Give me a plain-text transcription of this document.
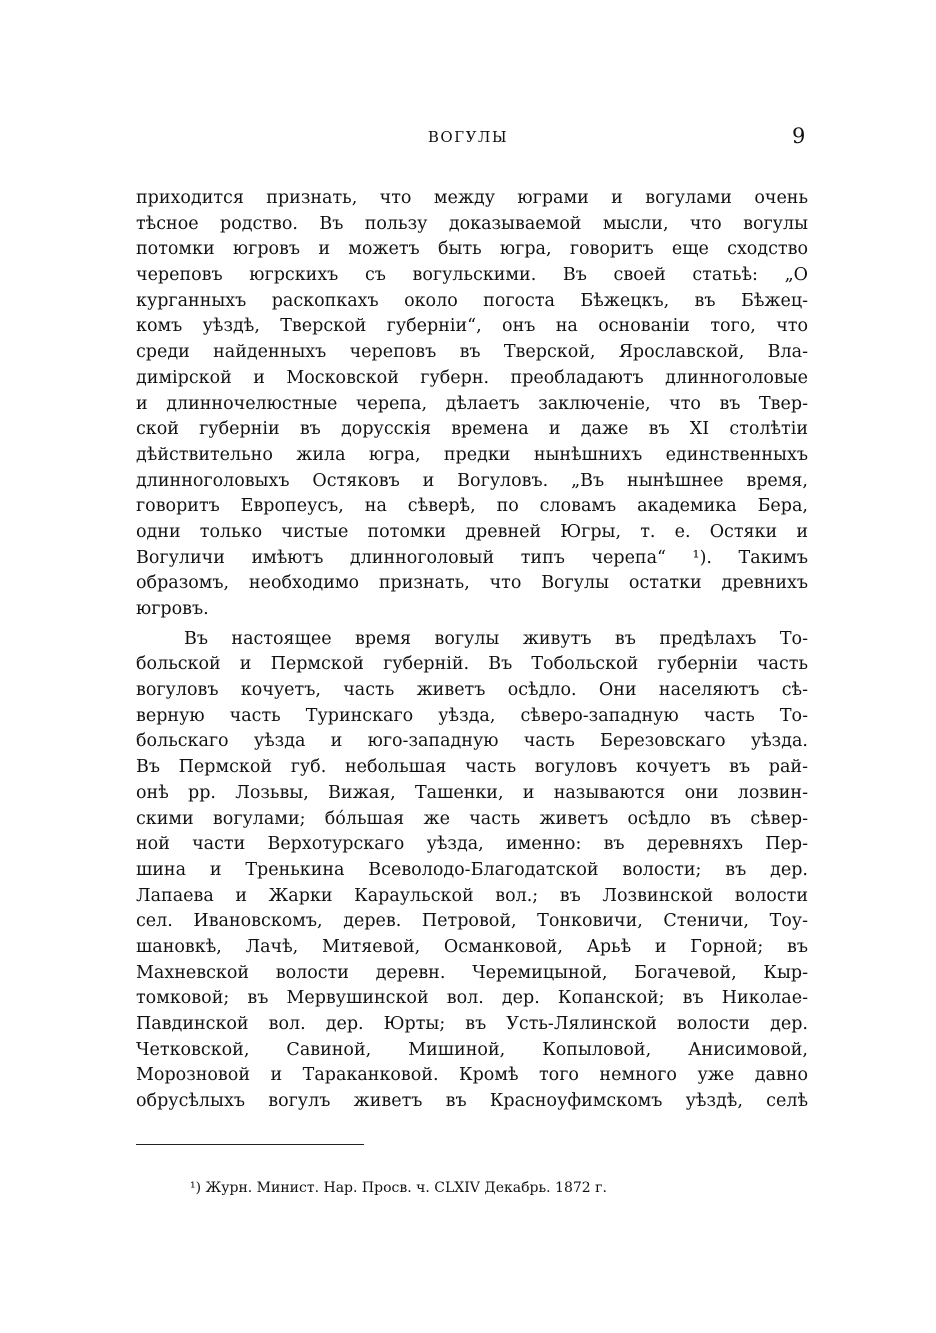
ВОГУЛЫ	9
приходится признать, что между юграми и вогулами очень
тѣсное родство. Въ пользу доказываемой мысли, что вогулы
потомки югровъ и можетъ быть югра, говоритъ еще сходство
череповъ югрскихъ съ вогульскими. Въ своей статьѣ: „О
курганныхъ раскопкахъ около погоста Бѣжецкъ, въ Бѣжец-
комъ уѣздѣ, Тверской губерніи“, онъ на основаніи того, что
среди найденныхъ череповъ въ Тверской, Ярославской, Вла-
димірской и Московской губерн. преобладаютъ длинноголовые
и длинночелюстные черепа, дѣлаетъ заключеніе, что въ Твер-
ской губерніи въ дорусскія времена и даже въ XI столѣтіи
дѣйствительно жила югра, предки нынѣшнихъ единственныхъ
длинноголовыхъ Остяковъ и Вогуловъ. „Въ нынѣшнее время,
говоритъ Европеусъ, на сѣверѣ, по словамъ академика Бера,
одни только чистые потомки древней Югры, т. е. Остяки и
Вогуличи имѣютъ длинноголовый типъ черепа“ ¹). Такимъ
образомъ, необходимо признать, что Вогулы остатки древнихъ
югровъ.
Въ настоящее время вогулы живутъ въ предѣлахъ То-
больской и Пермской губерній. Въ Тобольской губерніи часть
вогуловъ кочуетъ, часть живетъ осѣдло. Они населяютъ сѣ-
верную часть Туринскаго уѣзда, сѣверо-западную часть То-
больскаго уѣзда и юго-западную часть Березовскаго уѣзда.
Въ Пермской губ. небольшая часть вогуловъ кочуетъ въ рай-
онѣ рр. Лозьвы, Вижая, Ташенки, и называются они лозвин-
скими вогулами; бóльшая же часть живетъ осѣдло въ сѣвер-
ной части Верхотурскаго уѣзда, именно: въ деревняхъ Пер-
шина и Тренькина Всеволодо-Благодатской волости; въ дер.
Лапаева и Жарки Караульской вол.; въ Лозвинской волости
сел. Ивановскомъ, дерев. Петровой, Тонковичи, Стеничи, Тоу-
шановкѣ, Лачѣ, Митяевой, Османковой, Арьѣ и Горной; въ
Махневской волости деревн. Черемицыной, Богачевой, Кыр-
томковой; въ Мервушинской вол. дер. Копанской; въ Николае-
Павдинской вол. дер. Юрты; въ Усть-Лялинской волости дер.
Четковской, Савиной, Мишиной, Копыловой, Анисимовой,
Морозновой и Тараканковой. Кромѣ того немного уже давно
обрусѣлыхъ вогулъ живетъ въ Красноуфимскомъ уѣздѣ, селѣ
¹) Журн. Минист. Нар. Просв. ч. CLXIV Декабрь. 1872 г.
